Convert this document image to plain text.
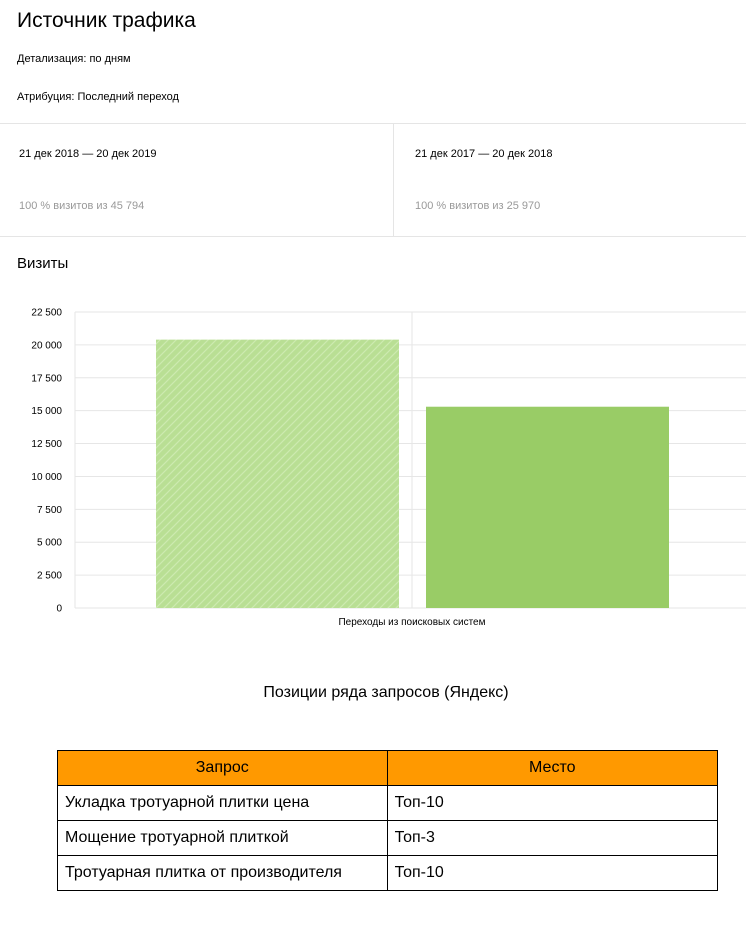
Источник трафика
Детализация: по дням
Атрибуция: Последний переход
21 дек 2018 — 20 дек 2019
100 % визитов из 45 794
21 дек 2017 — 20 дек 2018
100 % визитов из 25 970
Визиты
0
2 500
5 000
7 500
10 000
12 500
15 000
17 500
20 000
22 500
Переходы из поисковых систем
Позиции ряда запросов (Яндекс)
Запрос	Место
Укладка тротуарной плитки цена	Топ-10
Мощение тротуарной плиткой	Топ-3
Тротуарная плитка от производителя	Топ-10
